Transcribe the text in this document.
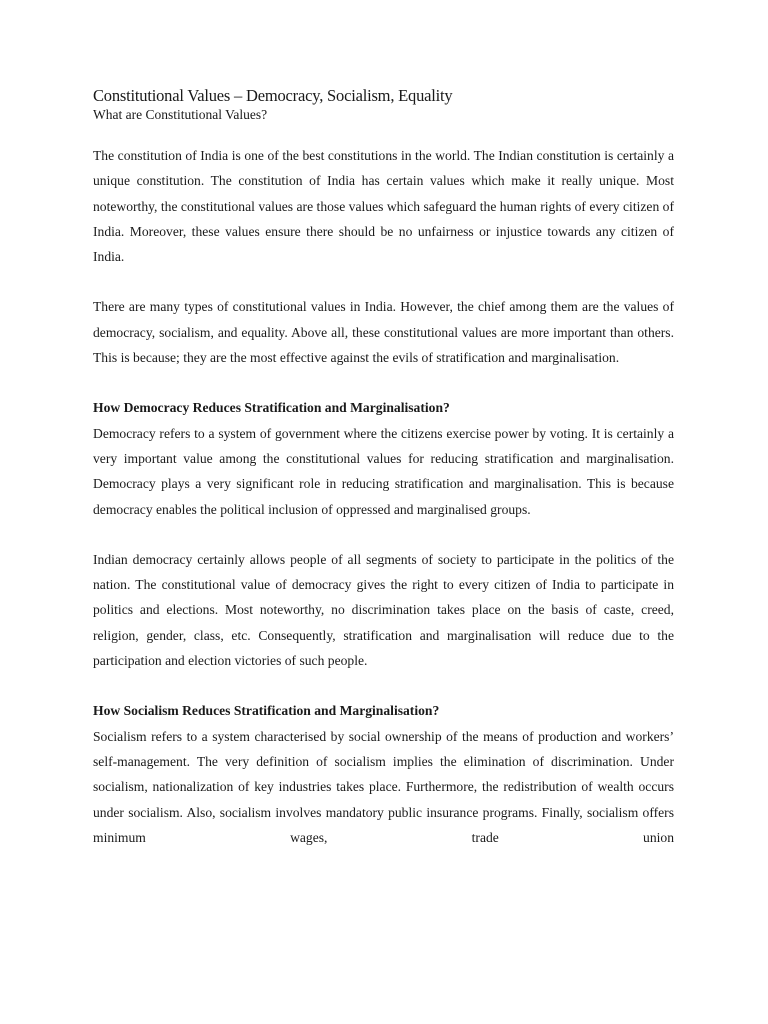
Constitutional Values – Democracy, Socialism, Equality
What are Constitutional Values?

The constitution of India is one of the best constitutions in the world. The Indian constitution is certainly a unique constitution. The constitution of India has certain values which make it really unique. Most noteworthy, the constitutional values are those values which safeguard the human rights of every citizen of India. Moreover, these values ensure there should be no unfairness or injustice towards any citizen of India.

There are many types of constitutional values in India. However, the chief among them are the values of democracy, socialism, and equality. Above all, these constitutional values are more important than others. This is because; they are the most effective against the evils of stratification and marginalisation.

How Democracy Reduces Stratification and Marginalisation?

Democracy refers to a system of government where the citizens exercise power by voting. It is certainly a very important value among the constitutional values for reducing stratification and marginalisation. Democracy plays a very significant role in reducing stratification and marginalisation. This is because democracy enables the political inclusion of oppressed and marginalised groups.

Indian democracy certainly allows people of all segments of society to participate in the politics of the nation. The constitutional value of democracy gives the right to every citizen of India to participate in politics and elections. Most noteworthy, no discrimination takes place on the basis of caste, creed, religion, gender, class, etc. Consequently, stratification and marginalisation will reduce due to the participation and election victories of such people.

How Socialism Reduces Stratification and Marginalisation?

Socialism refers to a system characterised by social ownership of the means of production and workers’ self-management. The very definition of socialism implies the elimination of discrimination. Under socialism, nationalization of key industries takes place. Furthermore, the redistribution of wealth occurs under socialism. Also, socialism involves mandatory public insurance programs. Finally, socialism offers minimum wages, trade union
